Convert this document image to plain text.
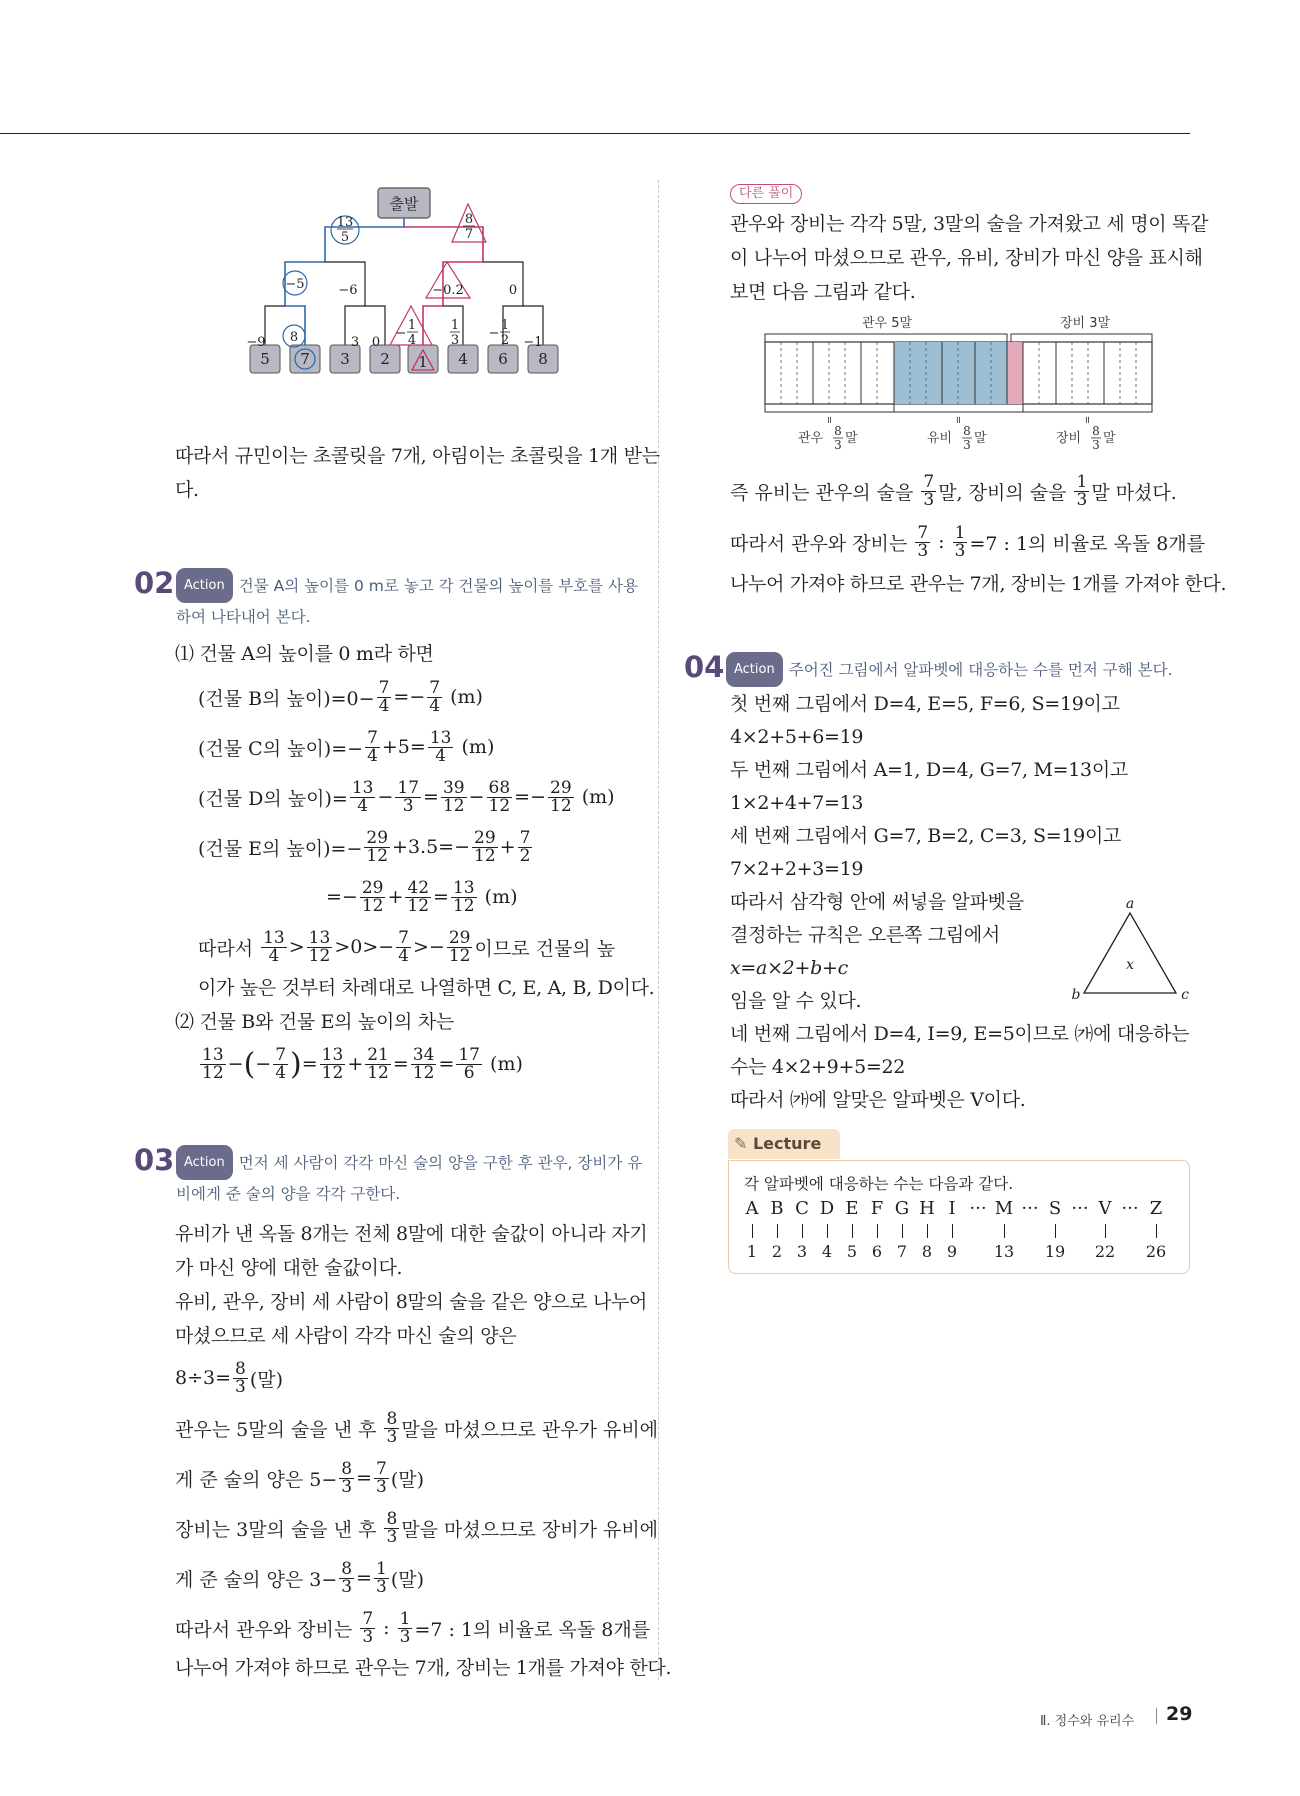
출발
5 7 3 2 1 4 6 8
13
5
8
7
−5	−6	−0.2	0
−9 8	3 0
−
1
4
1
3 −
1
2 −1
따라서 규민이는 초콜릿을 7개, 아림이는 초콜릿을 1개 받는
다.
02 Action 건물 A의 높이를 0 m로 놓고 각 건물의 높이를 부호를 사용
하여 나타내어 본다.
⑴ 건물 A의 높이를 0 m라 하면
(건물 B의 높이)$=0- \frac{7}{4} =- \frac{7}{4}$
(m)
(건물 C의 높이)=− $\frac{7}{4} +5= \frac{13}{4}$
(m)
(건물 D의 높이)= $\frac{13}{4} - \frac{17}{3} = \frac{39}{12} - \frac{68}{12} =- \frac{29}{12}$
(m)
(건물 E의 높이)=− $\frac{29}{12} +3.5=- \frac{29}{12} + \frac{7}{2}$
=− $\frac{29}{12} + \frac{42}{12} = \frac{13}{12}$
(m)
따라서
$\frac{13}{4} > \frac{13}{12} >0>- \frac{7}{4} >- \frac{29}{12}$ 이므로 건물의 높
이가 높은 것부터 차례대로 나열하면 C, E, A, B, D이다.
⑵ 건물 B와 건물 E의 높이의 차는
$\frac{13}{12}$ − ( − $\frac{7}{4}$ ) = $\frac{13}{12} + \frac{21}{12} = \frac{34}{12} = \frac{17}{6}$
(m)
03 Action 먼저 세 사람이 각각 마신 술의 양을 구한 후 관우, 장비가 유
비에게 준 술의 양을 각각 구한다.
유비가 낸 옥돌 8개는 전체 8말에 대한 술값이 아니라 자기
가 마신 양에 대한 술값이다.
유비, 관우, 장비 세 사람이 8말의 술을 같은 양으로 나누어
마셨으므로 세 사람이 각각 마신 술의 양은
$8\div 3= \frac{8}{3}$ (말)
관우는 5말의 술을 낸 후
$\frac{8}{3}$ 말을 마셨으므로 관우가 유비에
게 준 술의 양은 $5- \frac{8}{3} = \frac{7}{3}$ (말)
장비는 3말의 술을 낸 후
$\frac{8}{3}$ 말을 마셨으므로 장비가 유비에
게 준 술의 양은 $3- \frac{8}{3} = \frac{1}{3}$ (말)
따라서 관우와 장비는
$\frac{7}{3}$ : $\frac{1}{3} =7$ : 1의 비율로 옥돌 8개를
나누어 가져야 하므로 관우는 7개, 장비는 1개를 가져야 한다.
다른 풀이
관우와 장비는 각각 5말, 3말의 술을 가져왔고 세 명이 똑같
이 나누어 마셨으므로 관우, 유비, 장비가 마신 양을 표시해
보면 다음 그림과 같다.
관우 5말	장비 3말
॥	॥	॥
관우	유비	장비
8
3
8
3
8
3
말	말	말
즉 유비는 관우의 술을
$\frac{7}{3}$ 말, 장비의 술을
$\frac{1}{3}$ 말 마셨다.
따라서 관우와 장비는
$\frac{7}{3}$ : $\frac{1}{3} =7$ : 1의 비율로 옥돌 8개를
나누어 가져야 하므로 관우는 7개, 장비는 1개를 가져야 한다.
04 Action 주어진 그림에서 알파벳에 대응하는 수를 먼저 구해 본다.
첫 번째 그림에서 D=4, E=5, F=6, S=19이고
4×2+5+6=19
두 번째 그림에서 A=1, D=4, G=7, M=13이고
1×2+4+7=13
세 번째 그림에서 G=7, B=2, C=3, S=19이고
7×2+2+3=19
따라서 삼각형 안에 써넣을 알파벳을
결정하는 규칙은 오른쪽 그림에서
x=a×2+b+c
임을 알 수 있다.
네 번째 그림에서 D=4, I=9, E=5이므로 ㈎에 대응하는
수는 4×2+9+5=22
따라서 ㈎에 알맞은 알파벳은 V이다.
a
b	c
x
✎ Lecture
각 알파벳에 대응하는 수는 다음과 같다.
A
1
B
2
C
3
D
4
E
5
F
6
G
7
H
8
I
9
··· M
13
··· S
19
··· V
22
··· Z
26
Ⅱ. 정수와 유리수 29
